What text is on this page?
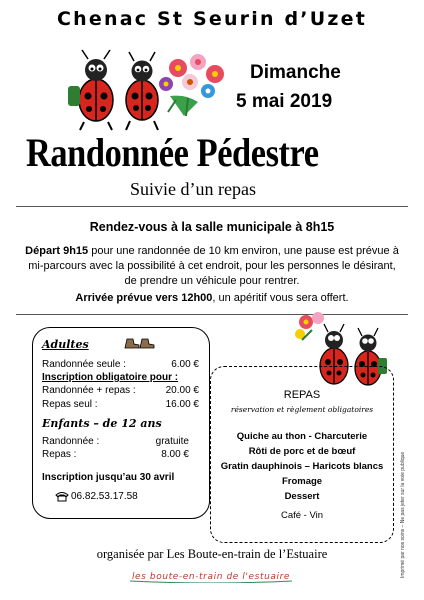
Chenac St Seurin d’Uzet
Dimanche
5 mai 2019
Randonnée Pédestre
Suivie d’un repas
Rendez-vous à la salle municipale à 8h15
Départ 9h15 pour une randonnée de 10 km environ, une pause est prévue à mi-parcours avec la possibilité à cet endroit, pour les personnes le désirant, de prendre un véhicule pour rentrer.
Arrivée prévue vers 12h00, un apéritif vous sera offert.
Adultes
Randonnée seule :	6.00 €
Inscription obligatoire pour :
Randonnée + repas :	20.00 €
Repas seul :	16.00 €
Enfants – de 12 ans
Randonnée :	gratuite
Repas :	8.00 €
Inscription jusqu’au 30 avril
06.82.53.17.58
REPAS
réservation et règlement obligatoires
Quiche au thon - Charcuterie
Rôti de porc et de bœuf
Gratin dauphinois – Haricots blancs
Fromage
Dessert
Café - Vin	Imprimé par nos soins – Ne pas jeter sur la voie publique
organisée par Les Boute-en-train de l’Estuaire
les boute-en-train de l'estuaire
